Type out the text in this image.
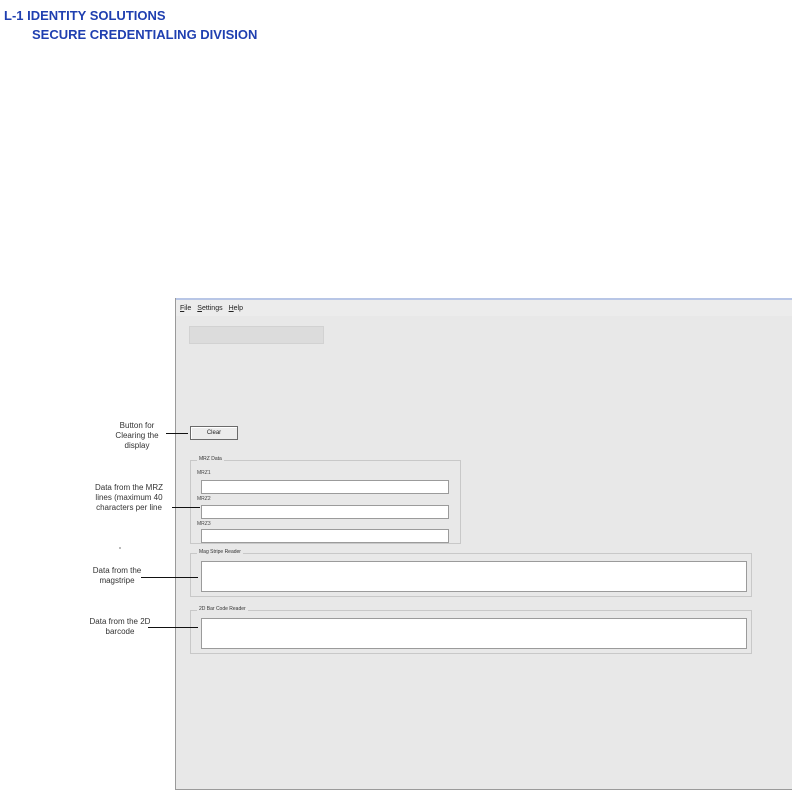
L-1 IDENTITY SOLUTIONS
SECURE CREDENTIALING DIVISION
File Settings Help
Clear
MRZ Data
MRZ1
MRZ2
MRZ3
Mag Stripe Reader
2D Bar Code Reader
Button for
Clearing the
display
Data from the MRZ
lines (maximum 40
characters per line
Data from the
magstripe
Data from the 2D
barcode
